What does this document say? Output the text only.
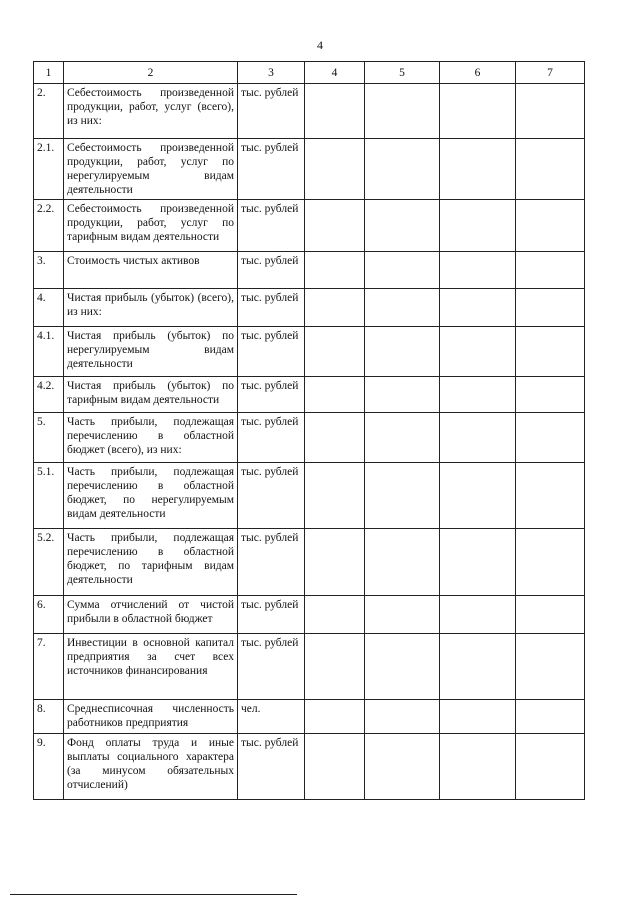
4
1	2	3	4	5	6	7
2.	Себестоимость произведенной продукции, работ, услуг (всего), из них:	тыс. рублей				
2.1.	Себестоимость произведенной продукции, работ, услуг по нерегулируемым видам деятельности	тыс. рублей				
2.2.	Себестоимость произведенной продукции, работ, услуг по тарифным видам деятельности	тыс. рублей				
3.	Стоимость чистых активов	тыс. рублей				
4.	Чистая прибыль (убыток) (всего), из них:	тыс. рублей				
4.1.	Чистая прибыль (убыток) по нерегулируемым видам деятельности	тыс. рублей				
4.2.	Чистая прибыль (убыток) по тарифным видам деятельности	тыс. рублей				
5.	Часть прибыли, подлежащая перечислению в областной бюджет (всего), из них:	тыс. рублей				
5.1.	Часть прибыли, подлежащая перечислению в областной бюджет, по нерегулируемым видам деятельности	тыс. рублей				
5.2.	Часть прибыли, подлежащая перечислению в областной бюджет, по тарифным видам деятельности	тыс. рублей				
6.	Сумма отчислений от чистой прибыли в областной бюджет	тыс. рублей				
7.	Инвестиции в основной капитал предприятия за счет всех источников финансирования	тыс. рублей				
8.	Среднесписочная численность работников предприятия	чел.				
9.	Фонд оплаты труда и иные выплаты социального характера (за минусом обязательных отчислений)	тыс. рублей				
